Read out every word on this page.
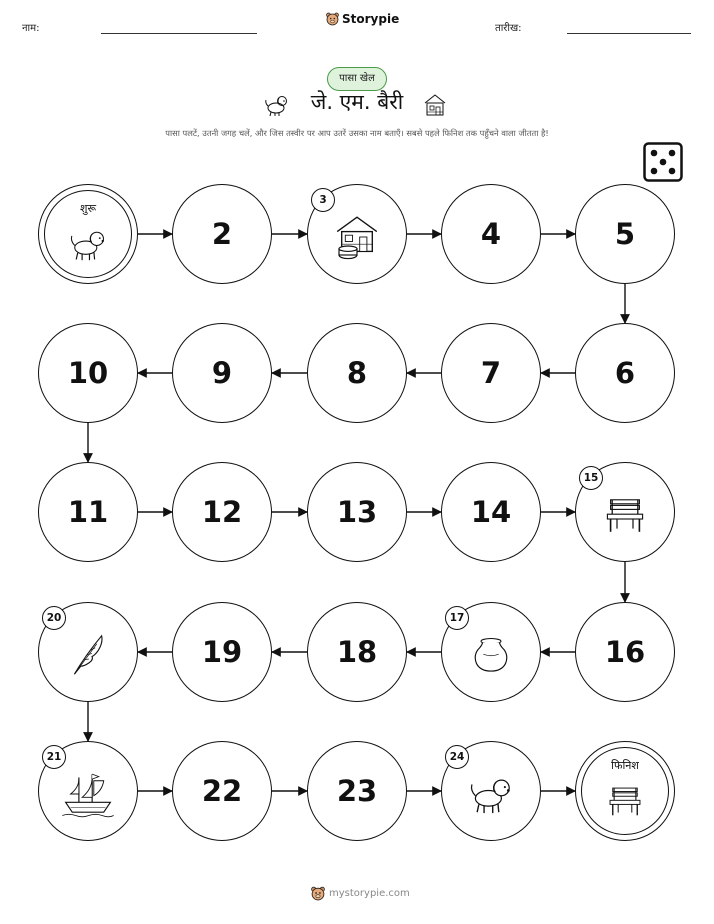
नाम:
Storypie
तारीख:
पासा खेल
जे. एम. बैरी
पासा पलटें, उतनी जगह चलें, और जिस तस्वीर पर आप उतरें उसका नाम बताएँ। सबसे पहले फिनिश तक पहुँचने वाला जीतता है!
शुरू
2
3
4	5
6
7
8
9
10
11	12	13	14
15
16
17
18
19
20
21
22	23
24
फिनिश
mystorypie.com
